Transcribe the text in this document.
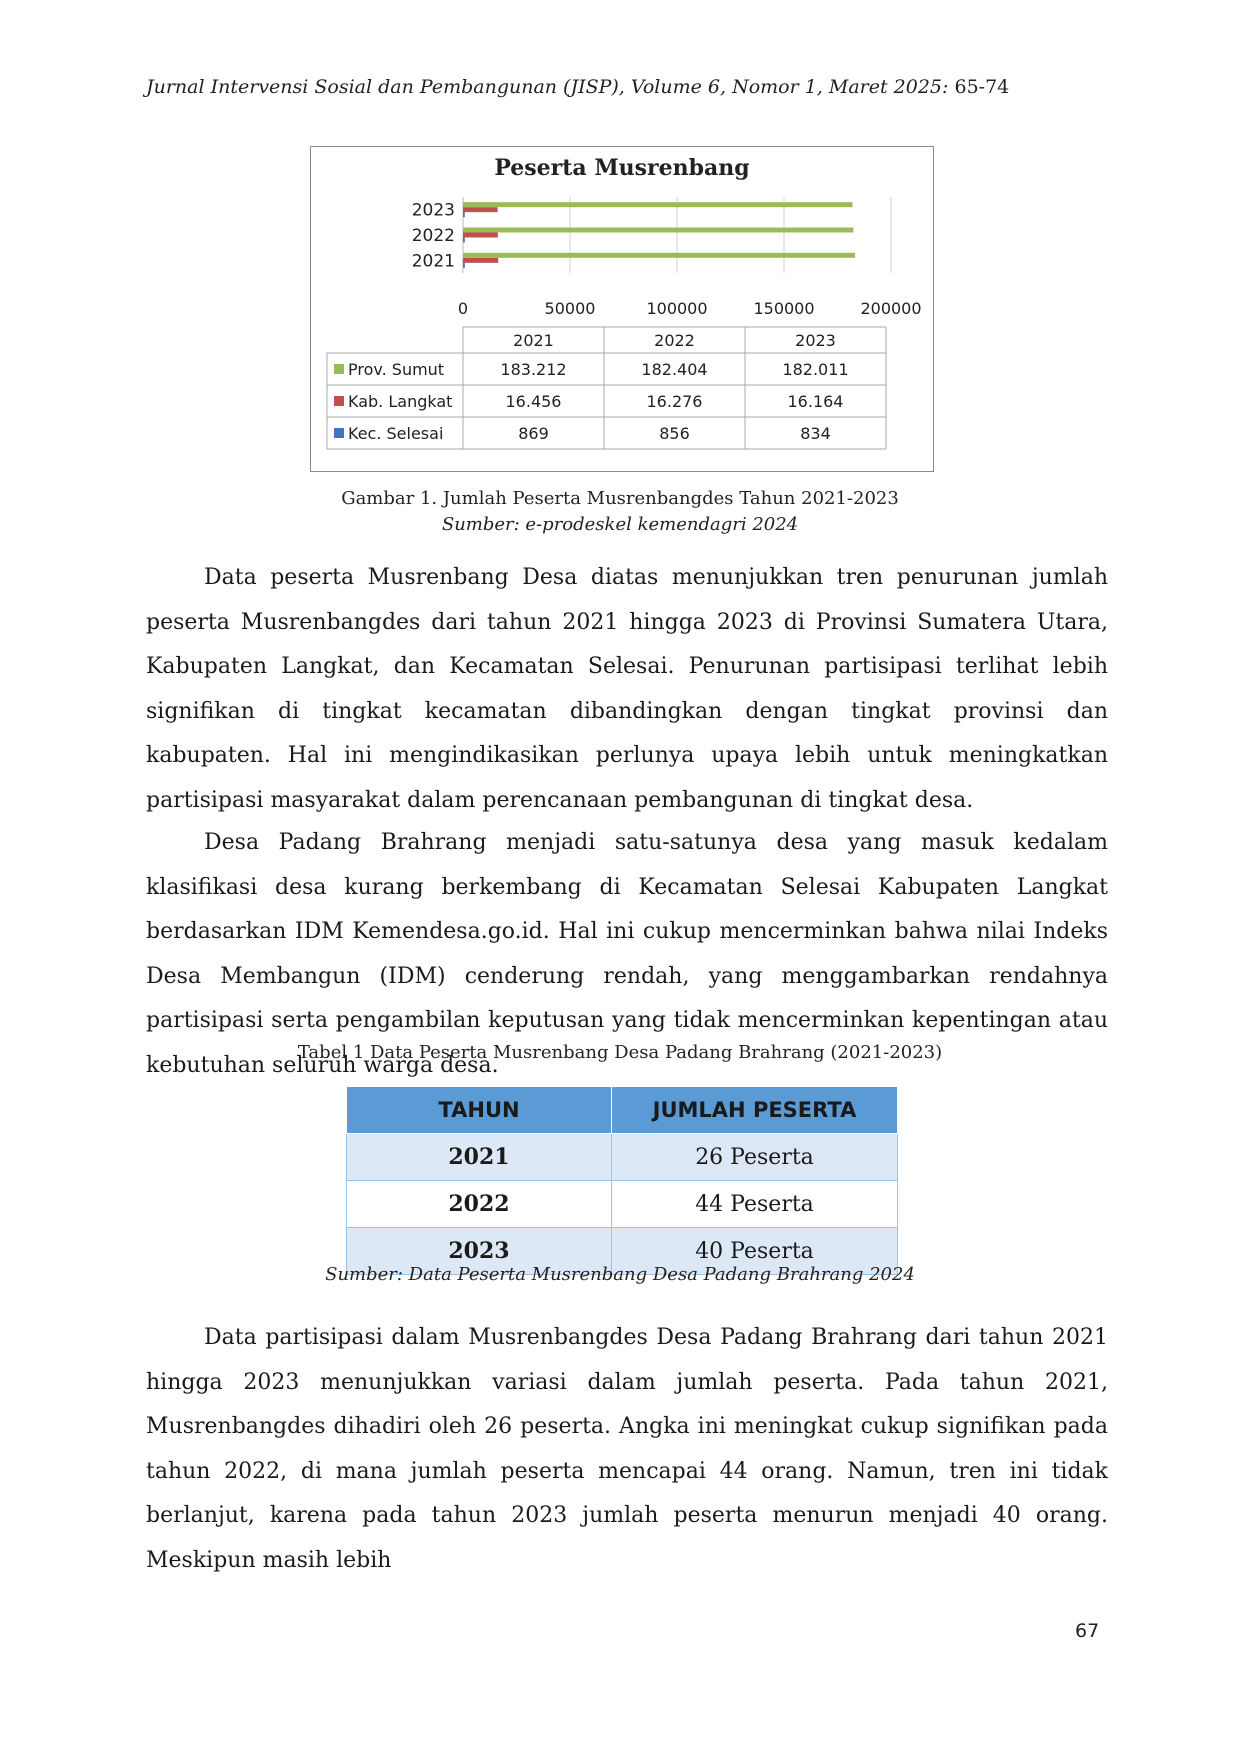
Jurnal Intervensi Sosial dan Pembangunan (JISP), Volume 6, Nomor 1, Maret 2025: 65-74
Peserta Musrenbang
0	50000	100000	150000	200000
2021
2022
2023
2021	2022	2023
Prov. Sumut	183.212	182.404	182.011
Kab. Langkat	16.456	16.276	16.164
Kec. Selesai	869	856	834
Gambar 1. Jumlah Peserta Musrenbangdes Tahun 2021-2023
Sumber: e-prodeskel kemendagri 2024

Data peserta Musrenbang Desa diatas menunjukkan tren penurunan jumlah peserta Musrenbangdes dari tahun 2021 hingga 2023 di Provinsi Sumatera Utara, Kabupaten Langkat, dan Kecamatan Selesai. Penurunan partisipasi terlihat lebih signifikan di tingkat kecamatan dibandingkan dengan tingkat provinsi dan kabupaten. Hal ini mengindikasikan perlunya upaya lebih untuk meningkatkan partisipasi masyarakat dalam perencanaan pembangunan di tingkat desa.

Desa Padang Brahrang menjadi satu-satunya desa yang masuk kedalam klasifikasi desa kurang berkembang di Kecamatan Selesai Kabupaten Langkat berdasarkan IDM Kemendesa.go.id. Hal ini cukup mencerminkan bahwa nilai Indeks Desa Membangun (IDM) cenderung rendah, yang menggambarkan rendahnya partisipasi serta pengambilan keputusan yang tidak mencerminkan kepentingan atau kebutuhan seluruh warga desa.

Tabel 1 Data Peserta Musrenbang Desa Padang Brahrang (2021-2023)
TAHUN	JUMLAH PESERTA
2021	26 Peserta
2022	44 Peserta
2023	40 Peserta
Sumber: Data Peserta Musrenbang Desa Padang Brahrang 2024

Data partisipasi dalam Musrenbangdes Desa Padang Brahrang dari tahun 2021 hingga 2023 menunjukkan variasi dalam jumlah peserta. Pada tahun 2021, Musrenbangdes dihadiri oleh 26 peserta. Angka ini meningkat cukup signifikan pada tahun 2022, di mana jumlah peserta mencapai 44 orang. Namun, tren ini tidak berlanjut, karena pada tahun 2023 jumlah peserta menurun menjadi 40 orang. Meskipun masih lebih

67
